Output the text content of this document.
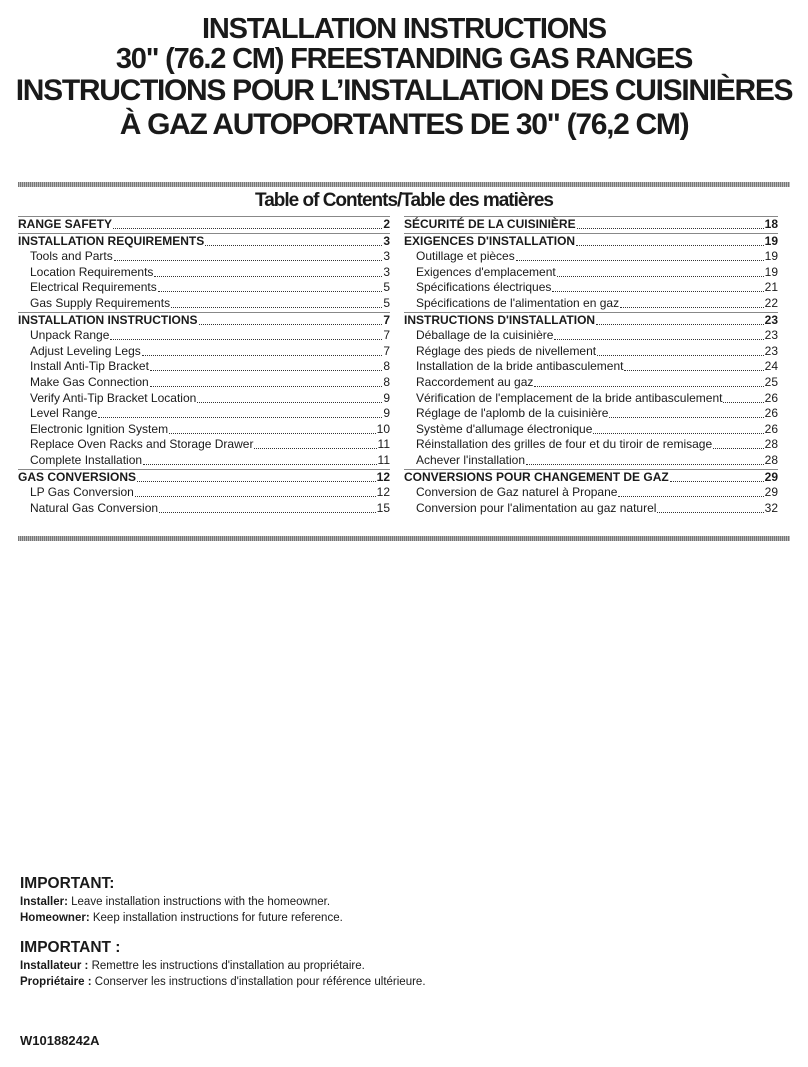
INSTALLATION INSTRUCTIONS
30" (76.2 CM) FREESTANDING GAS RANGES
INSTRUCTIONS POUR L’INSTALLATION DES CUISINIÈRES
À GAZ AUTOPORTANTES DE 30" (76,2 CM)
Table of Contents/Table des matières
RANGE SAFETY	2
INSTALLATION REQUIREMENTS	3
Tools and Parts	3
Location Requirements	3
Electrical Requirements	5
Gas Supply Requirements	5
INSTALLATION INSTRUCTIONS	7
Unpack Range	7
Adjust Leveling Legs	7
Install Anti-Tip Bracket	8
Make Gas Connection	8
Verify Anti-Tip Bracket Location	9
Level Range	9
Electronic Ignition System	10
Replace Oven Racks and Storage Drawer	11
Complete Installation	11
GAS CONVERSIONS	12
LP Gas Conversion	12
Natural Gas Conversion	15
SÉCURITÉ DE LA CUISINIÈRE	18
EXIGENCES D'INSTALLATION	19
Outillage et pièces	19
Exigences d'emplacement	19
Spécifications électriques	21
Spécifications de l'alimentation en gaz	22
INSTRUCTIONS D'INSTALLATION	23
Déballage de la cuisinière	23
Réglage des pieds de nivellement	23
Installation de la bride antibasculement	24
Raccordement au gaz	25
Vérification de l'emplacement de la bride antibasculement	26
Réglage de l'aplomb de la cuisinière	26
Système d'allumage électronique	26
Réinstallation des grilles de four et du tiroir de remisage	28
Achever l'installation	28
CONVERSIONS POUR CHANGEMENT DE GAZ	29
Conversion de Gaz naturel à Propane	29
Conversion pour l'alimentation au gaz naturel	32
IMPORTANT:
Installer: Leave installation instructions with the homeowner.
Homeowner: Keep installation instructions for future reference.
IMPORTANT :
Installateur : Remettre les instructions d'installation au propriétaire.
Propriétaire : Conserver les instructions d'installation pour référence ultérieure.
W10188242A
